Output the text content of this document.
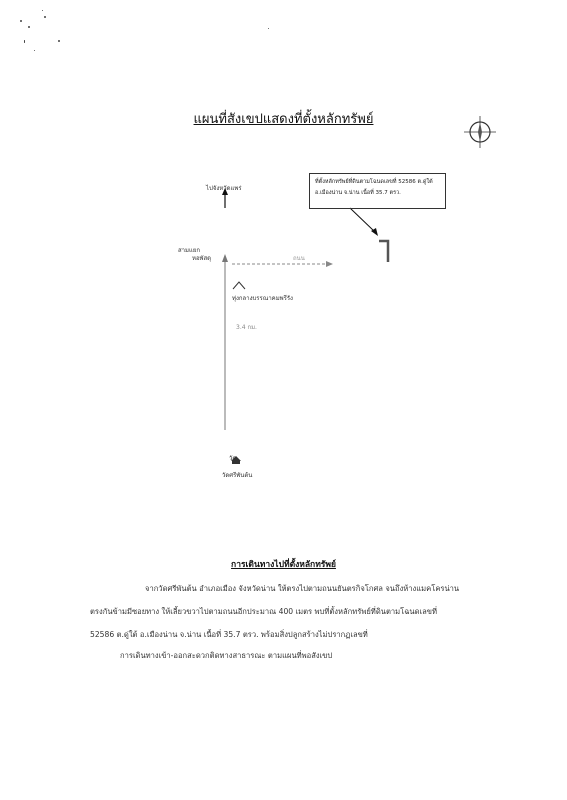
แผนที่สังเขปแสดงที่ตั้งหลักทรัพย์
ไปจังหวัดแพร่
สามแยก
หอพัสดุ	ถนน
ทุ่งกลางบรรณาคมพรีรัง
3.4 กม.
วัด
วัดศรีพันต้น
ที่ตั้งหลักทรัพย์ที่ดินตามโฉนดเลขที่ 52586 ต.ดู่ใต้
อ.เมืองน่าน จ.น่าน เนื้อที่ 35.7 ตรว.
การเดินทางไปที่ตั้งหลักทรัพย์
จากวัดศรีพันต้น อำเภอเมือง จังหวัดน่าน ให้ตรงไปตามถนนยันตรกิจโกศล จนถึงห้างแมคโครน่าน
ตรงกันข้ามมีซอยทาง ให้เลี้ยวขวาไปตามถนนอีกประมาณ 400 เมตร พบที่ตั้งหลักทรัพย์ที่ดินตามโฉนดเลขที่
52586 ต.ดู่ใต้ อ.เมืองน่าน จ.น่าน เนื้อที่ 35.7 ตรว. พร้อมสิ่งปลูกสร้างไม่ปรากฏเลขที่
การเดินทางเข้า-ออกสะดวกติดทางสาธารณะ ตามแผนที่พอสังเขป
